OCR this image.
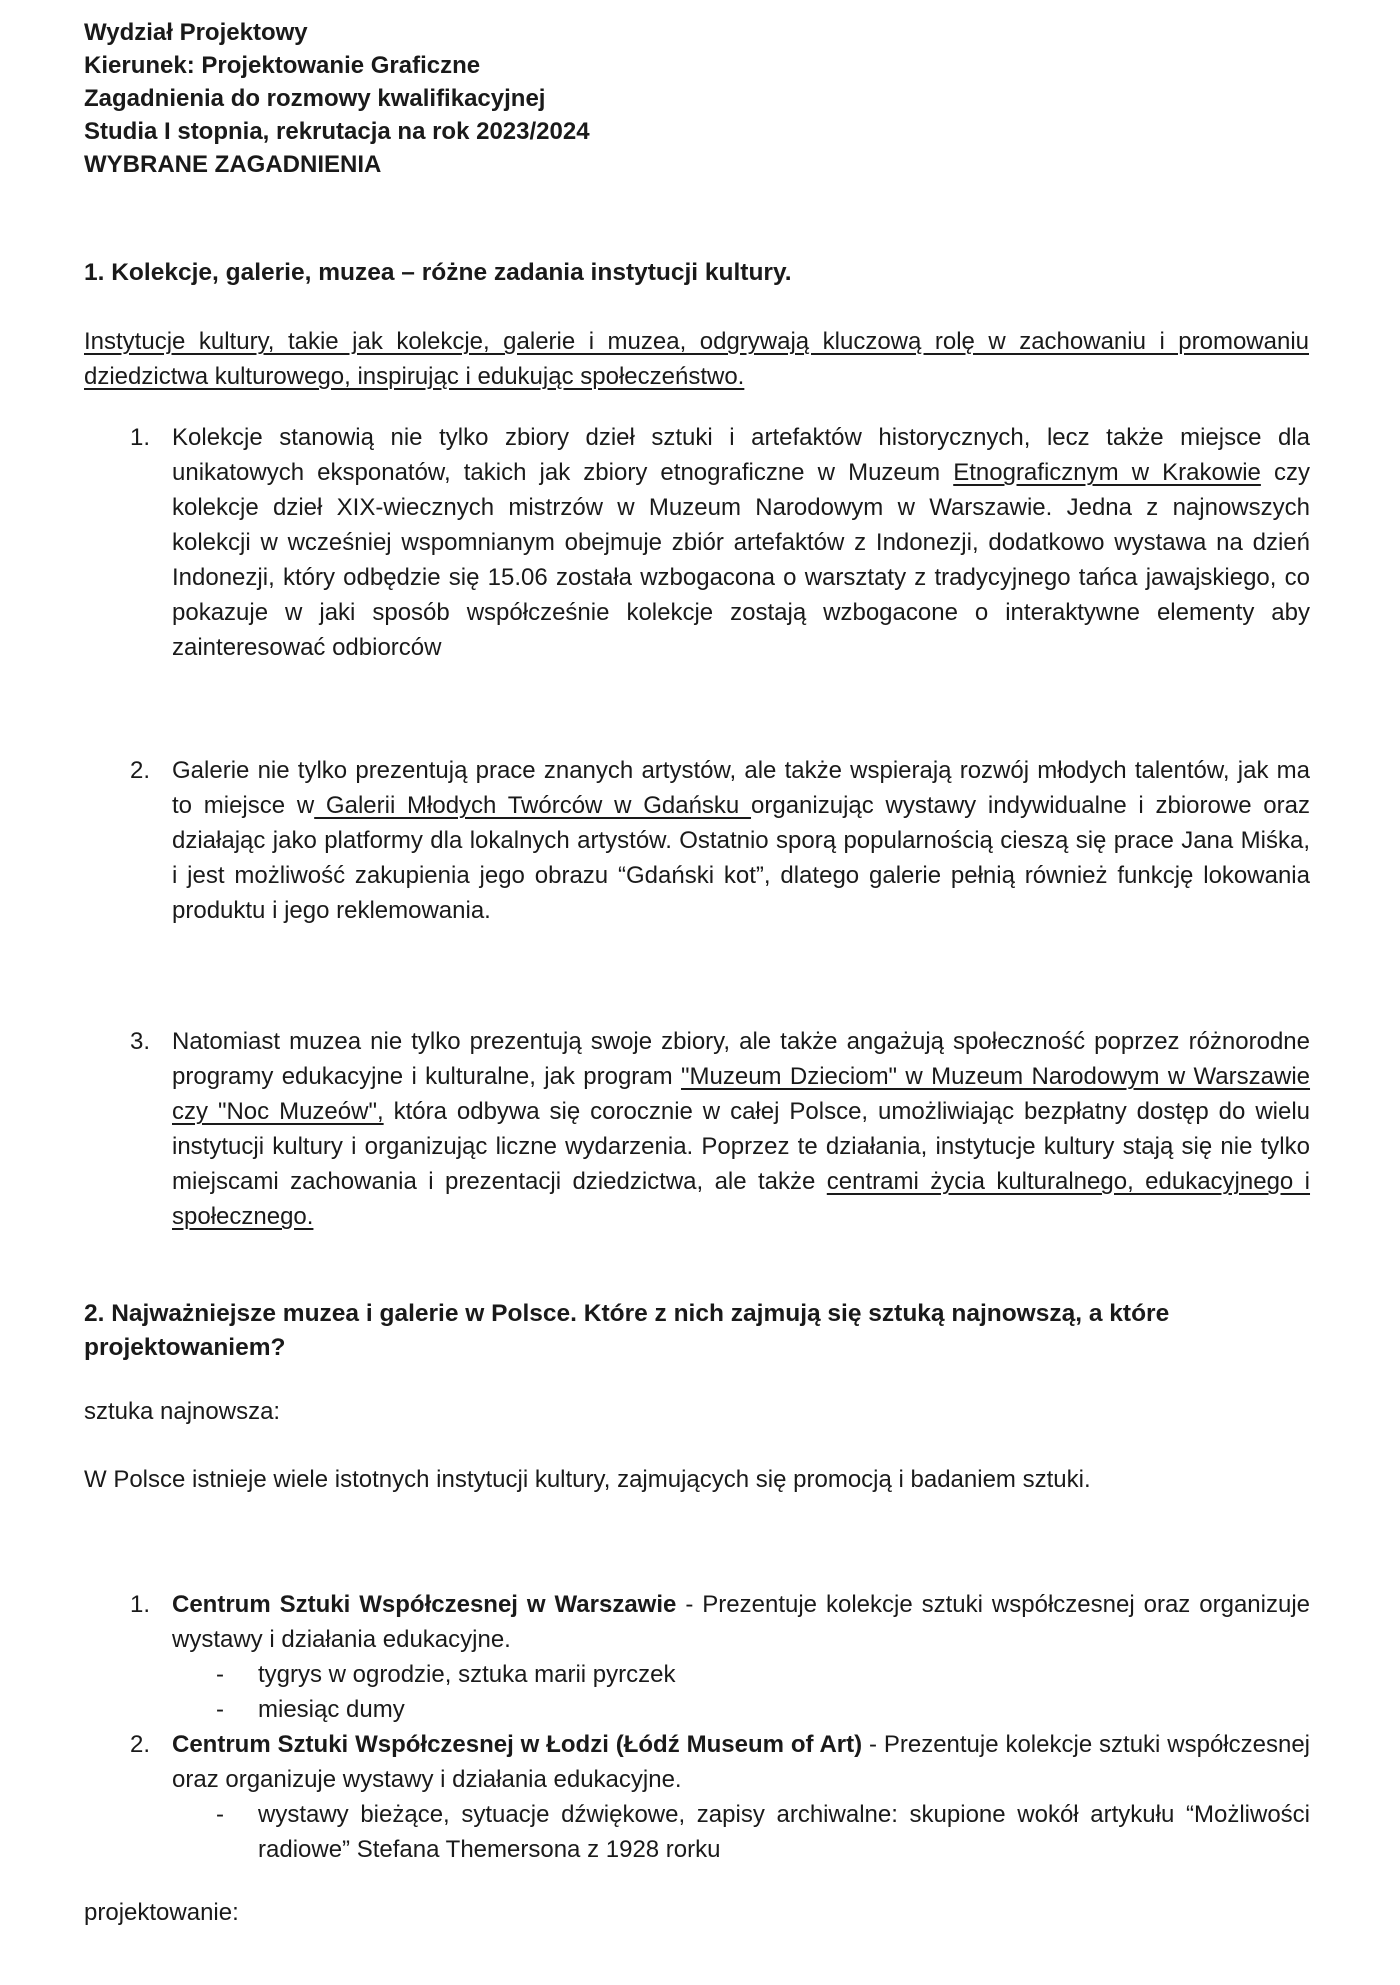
Wydział Projektowy

Kierunek: Projektowanie Graficzne

Zagadnienia do rozmowy kwalifikacyjnej

Studia I stopnia, rekrutacja na rok 2023/2024

WYBRANE ZAGADNIENIA

1. Kolekcje, galerie, muzea – różne zadania instytucji kultury.

Instytucje kultury, takie jak kolekcje, galerie i muzea, odgrywają kluczową rolę w zachowaniu i promowaniu dziedzictwa kulturowego, inspirując i edukując społeczeństwo.

1. Kolekcje stanowią nie tylko zbiory dzieł sztuki i artefaktów historycznych, lecz także miejsce dla unikatowych eksponatów, takich jak zbiory etnograficzne w Muzeum Etnograficznym w Krakowie czy kolekcje dzieł XIX-wiecznych mistrzów w Muzeum Narodowym w Warszawie. Jedna z najnowszych kolekcji w wcześniej wspomnianym obejmuje zbiór artefaktów z Indonezji, dodatkowo wystawa na dzień Indonezji, który odbędzie się 15.06 została wzbogacona o warsztaty z tradycyjnego tańca jawajskiego, co pokazuje w jaki sposób współcześnie kolekcje zostają wzbogacone o interaktywne elementy aby zainteresować odbiorców
2. Galerie nie tylko prezentują prace znanych artystów, ale także wspierają rozwój młodych talentów, jak ma to miejsce w Galerii Młodych Twórców w Gdańsku organizując wystawy indywidualne i zbiorowe oraz działając jako platformy dla lokalnych artystów. Ostatnio sporą popularnością cieszą się prace Jana Miśka, i jest możliwość zakupienia jego obrazu “Gdański kot”, dlatego galerie pełnią również funkcję lokowania produktu i jego reklemowania.
3. Natomiast muzea nie tylko prezentują swoje zbiory, ale także angażują społeczność poprzez różnorodne programy edukacyjne i kulturalne, jak program "Muzeum Dzieciom" w Muzeum Narodowym w Warszawie czy "Noc Muzeów", która odbywa się corocznie w całej Polsce, umożliwiając bezpłatny dostęp do wielu instytucji kultury i organizując liczne wydarzenia. Poprzez te działania, instytucje kultury stają się nie tylko miejscami zachowania i prezentacji dziedzictwa, ale także centrami życia kulturalnego, edukacyjnego i społecznego.

2. Najważniejsze muzea i galerie w Polsce. Które z nich zajmują się sztuką najnowszą, a które projektowaniem?

sztuka najnowsza:

W Polsce istnieje wiele istotnych instytucji kultury, zajmujących się promocją i badaniem sztuki.

1. Centrum Sztuki Współczesnej w Warszawie - Prezentuje kolekcje sztuki współczesnej oraz organizuje wystawy i działania edukacyjne.
- tygrys w ogrodzie, sztuka marii pyrczek
- miesiąc dumy
2. Centrum Sztuki Współczesnej w Łodzi (Łódź Museum of Art) - Prezentuje kolekcje sztuki współczesnej oraz organizuje wystawy i działania edukacyjne.
- wystawy bieżące, sytuacje dźwiękowe, zapisy archiwalne: skupione wokół artykułu “Możliwości radiowe” Stefana Themersona z 1928 rorku

projektowanie:
